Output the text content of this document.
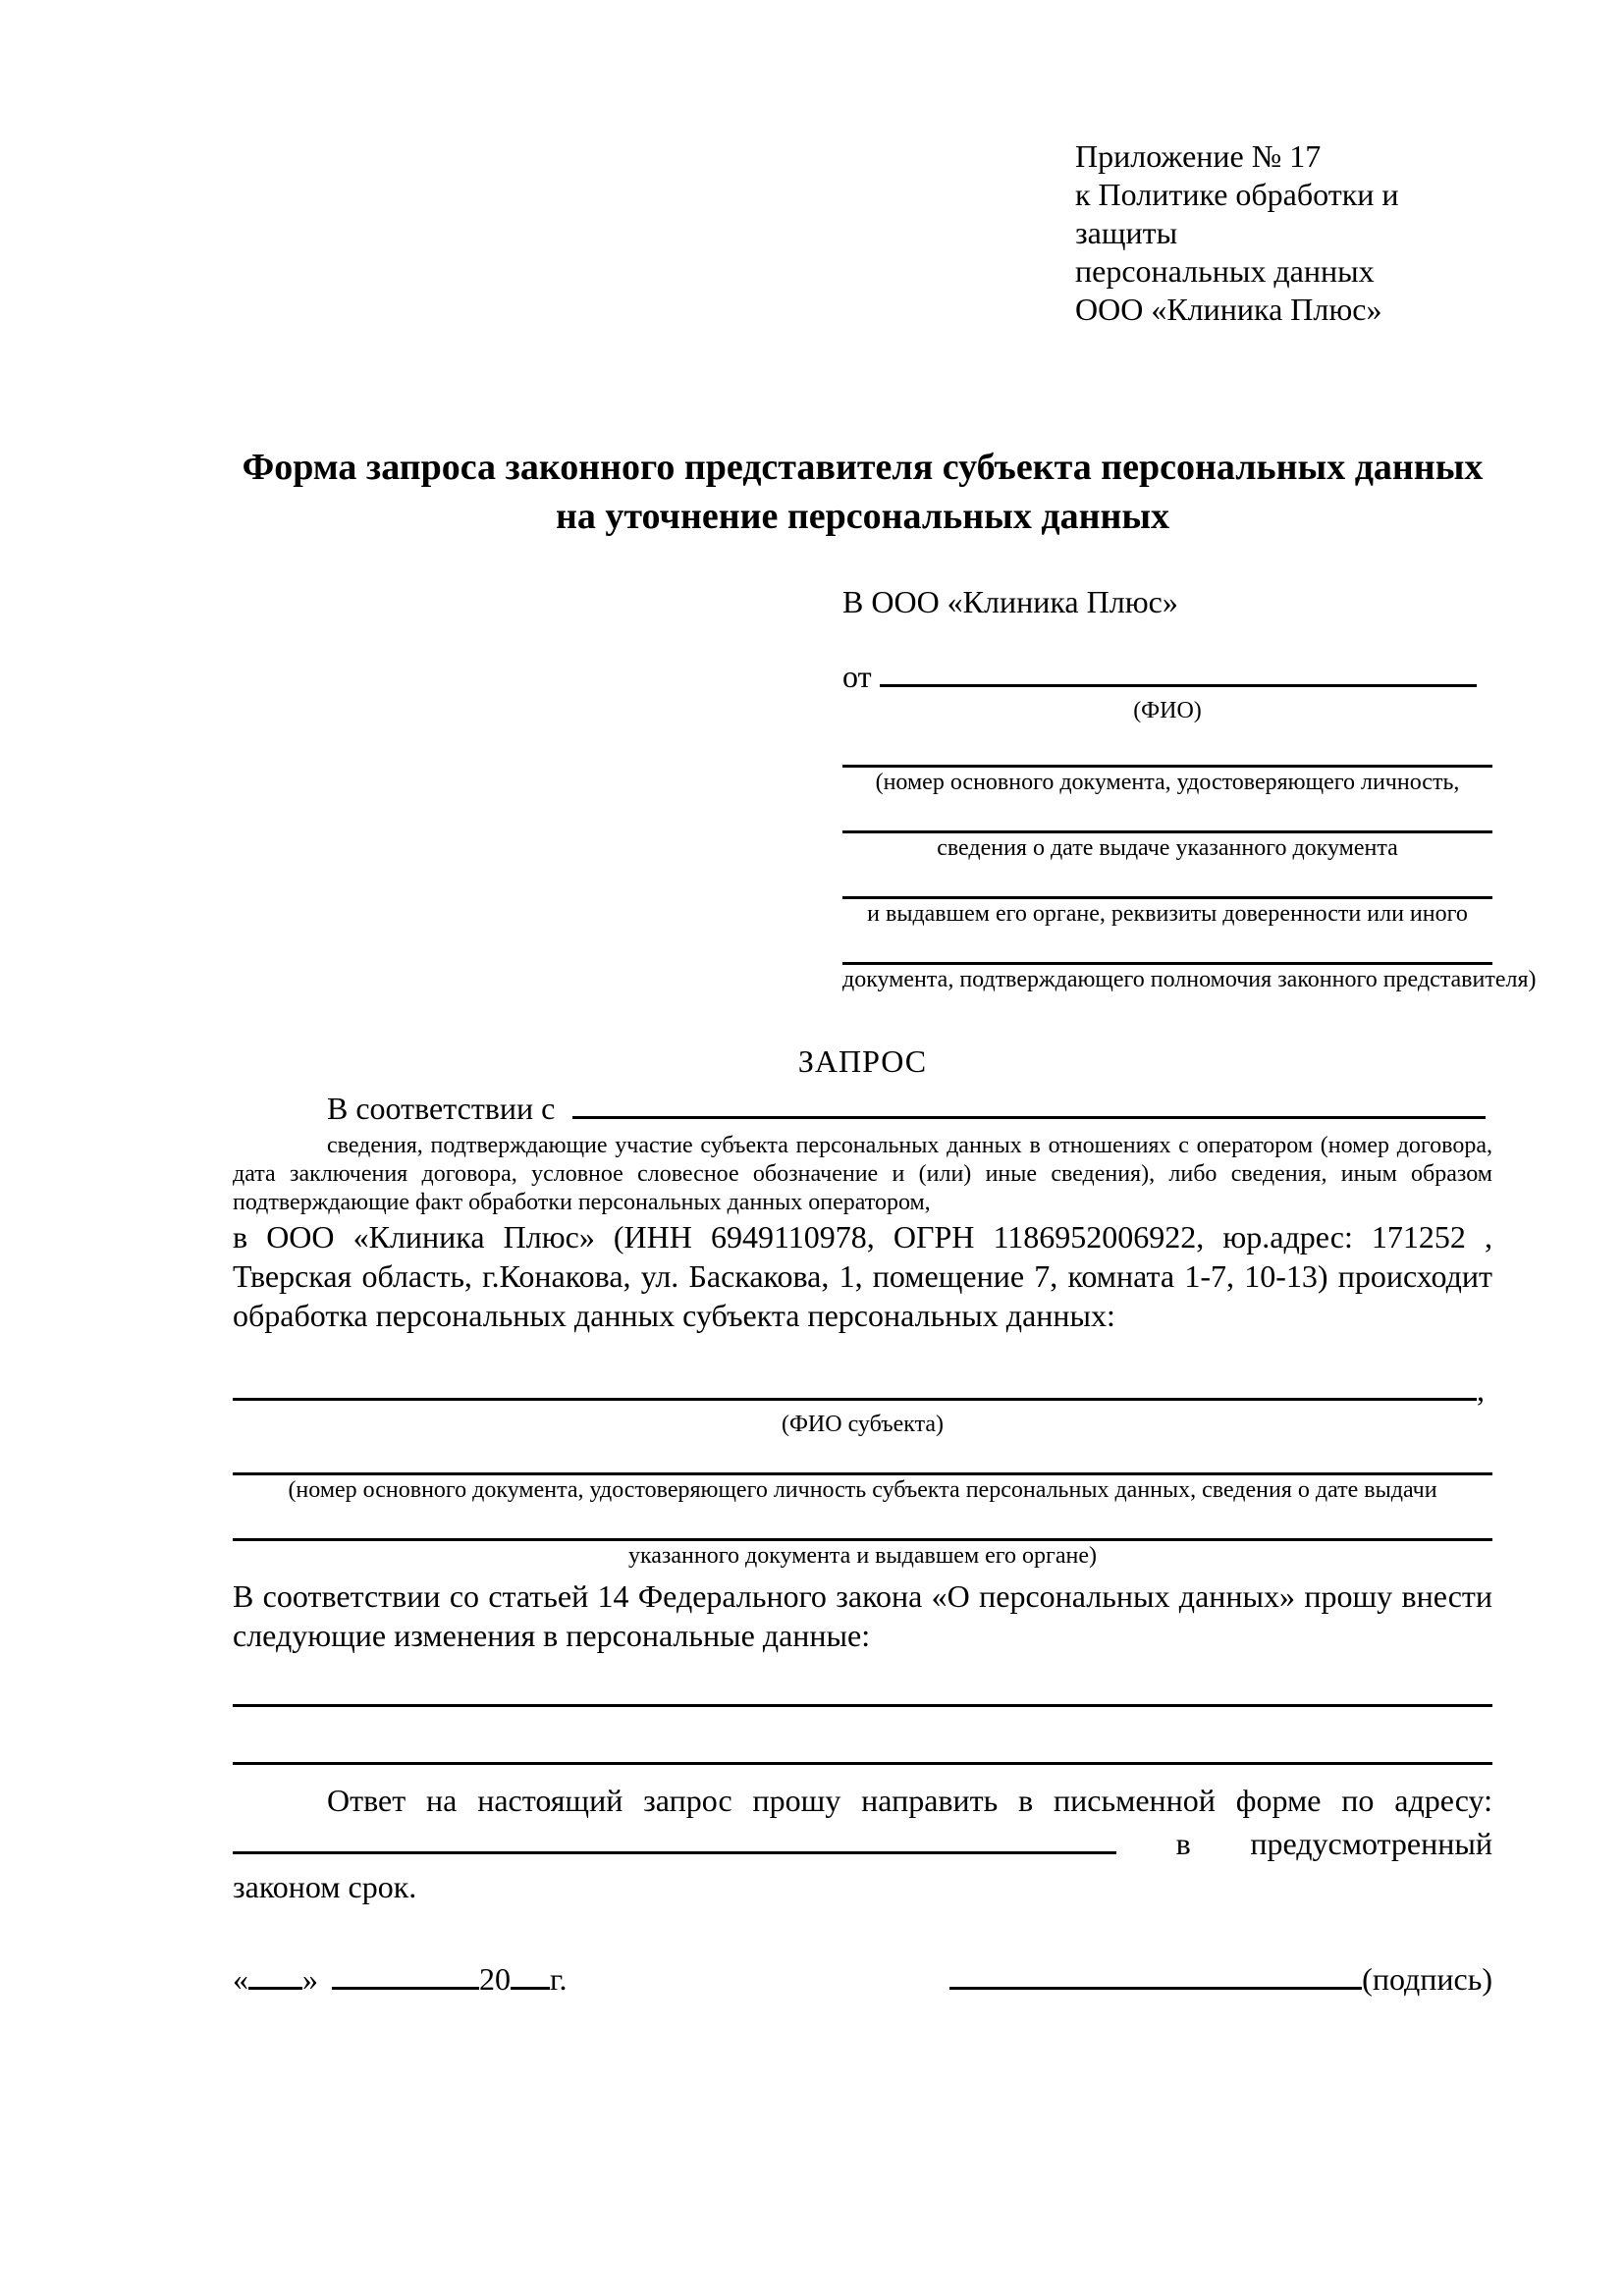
Приложение № 17
к Политике обработки и защиты
персональных данных
ООО «Клиника Плюс»
Форма запроса законного представителя субъекта персональных данных
на уточнение персональных данных
В ООО «Клиника Плюс»
от
(ФИО)
(номер основного документа, удостоверяющего личность,
сведения о дате выдаче указанного документа
и выдавшем его органе, реквизиты доверенности или иного
документа, подтверждающего полномочия законного представителя)
ЗАПРОС
В соответствии с
сведения, подтверждающие участие субъекта персональных данных в отношениях с оператором (номер договора, дата заключения договора, условное словесное обозначение и (или) иные сведения), либо сведения, иным образом подтверждающие факт обработки персональных данных оператором,

в ООО «Клиника Плюс» (ИНН 6949110978, ОГРН 1186952006922, юр.адрес: 171252 , Тверская область, г.Конакова, ул. Баскакова, 1, помещение 7, комната 1-7, 10-13) происходит обработка персональных данных субъекта персональных данных:

,
(ФИО субъекта)
(номер основного документа, удостоверяющего личность субъекта персональных данных, сведения о дате выдачи
указанного документа и выдавшем его органе)

В соответствии со статьей 14 Федерального закона «О персональных данных» прошу внести следующие изменения в персональные данные:

Ответ на настоящий запрос прошу направить в письменной форме по адресу:  в предусмотренный законом срок.

« »	20 г.	(подпись)
